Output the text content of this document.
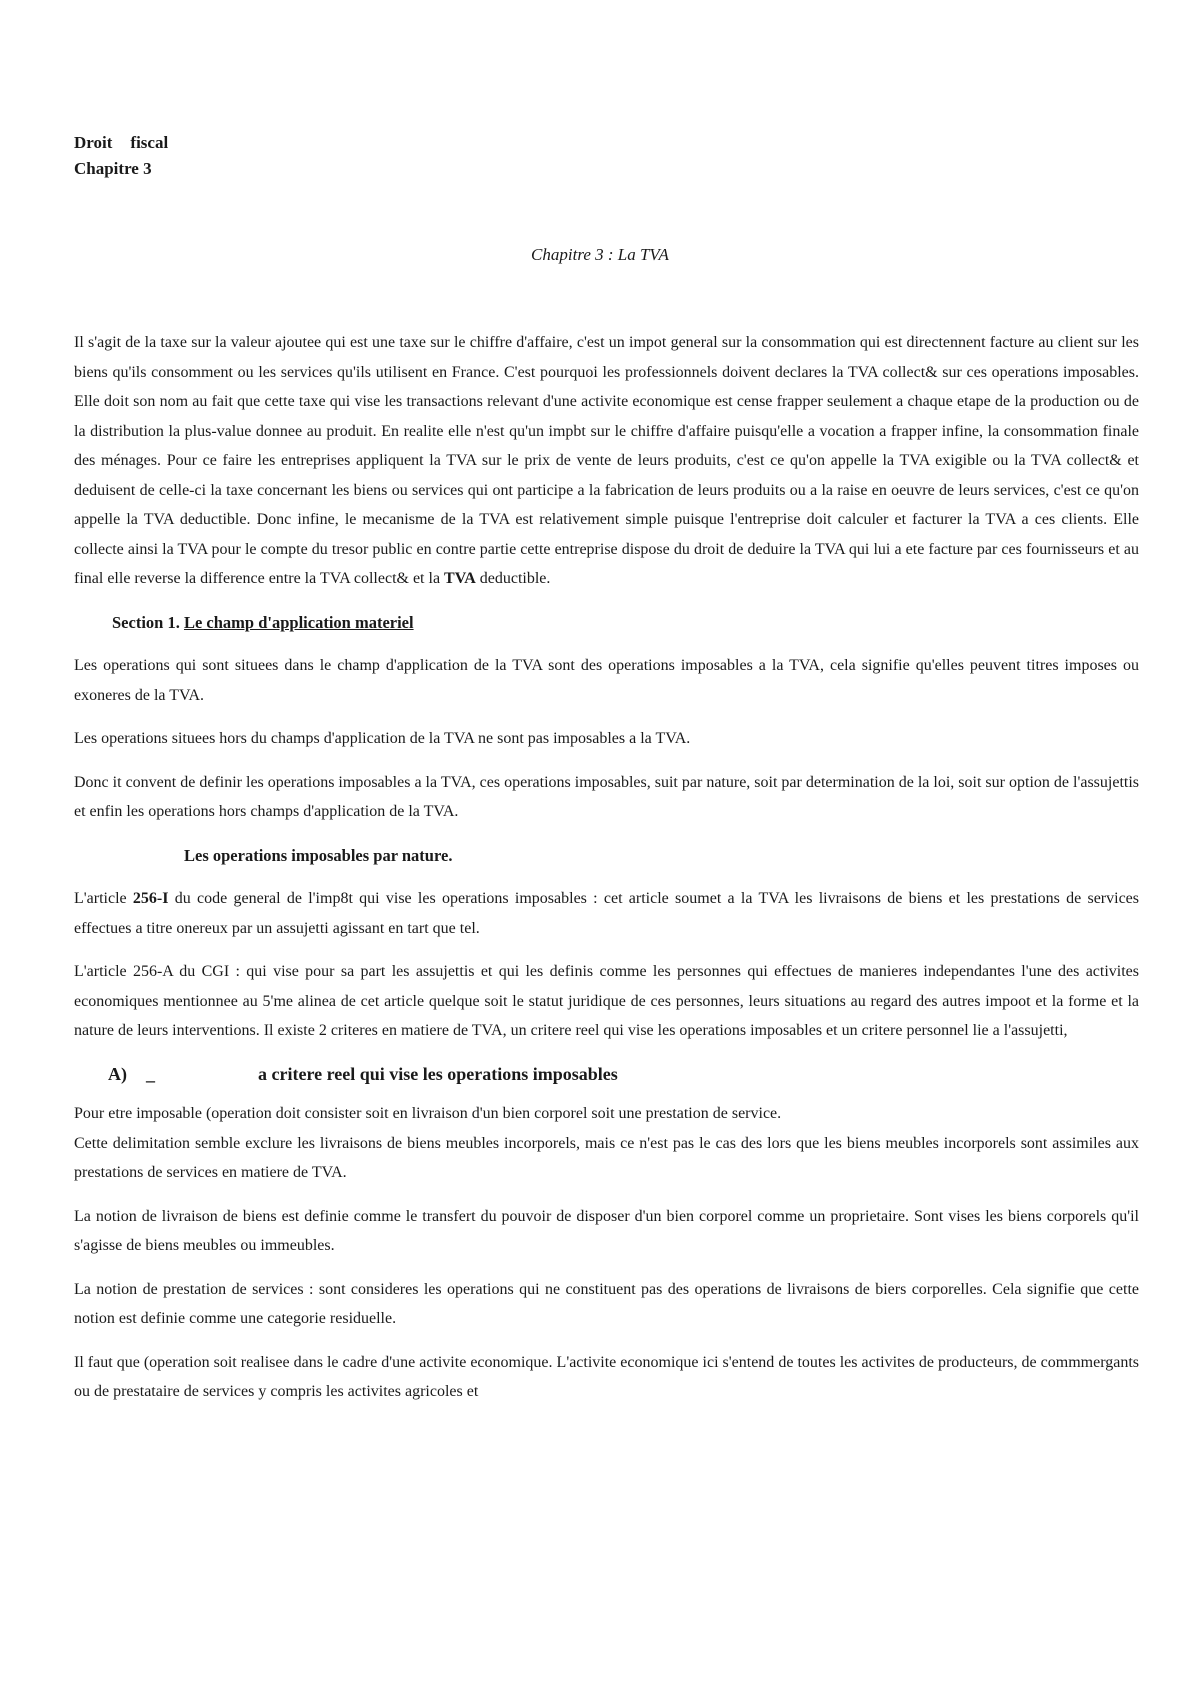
Droit fiscal
Chapitre 3
Chapitre 3 : La TVA

Il s'agit de la taxe sur la valeur ajoutee qui est une taxe sur le chiffre d'affaire, c'est un impot general sur la consommation qui est directennent facture au client sur les biens qu'ils consomment ou les services qu'ils utilisent en France. C'est pourquoi les professionnels doivent declares la TVA collect& sur ces operations imposables. Elle doit son nom au fait que cette taxe qui vise les transactions relevant d'une activite economique est cense frapper seulement a chaque etape de la production ou de la distribution la plus-value donnee au produit. En realite elle n'est qu'un impbt sur le chiffre d'affaire puisqu'elle a vocation a frapper infine, la consommation finale des ménages. Pour ce faire les entreprises appliquent la TVA sur le prix de vente de leurs produits, c'est ce qu'on appelle la TVA exigible ou la TVA collect& et deduisent de celle-ci la taxe concernant les biens ou services qui ont participe a la fabrication de leurs produits ou a la raise en oeuvre de leurs services, c'est ce qu'on appelle la TVA deductible. Donc infine, le mecanisme de la TVA est relativement simple puisque l'entreprise doit calculer et facturer la TVA a ces clients. Elle collecte ainsi la TVA pour le compte du tresor public en contre partie cette entreprise dispose du droit de deduire la TVA qui lui a ete facture par ces fournisseurs et au final elle reverse la difference entre la TVA collect& et la TVA deductible.

Section 1. Le champ d'application materiel

Les operations qui sont situees dans le champ d'application de la TVA sont des operations imposables a la TVA, cela signifie qu'elles peuvent titres imposes ou exoneres de la TVA.

Les operations situees hors du champs d'application de la TVA ne sont pas imposables a la TVA.

Donc it convent de definir les operations imposables a la TVA, ces operations imposables, suit par nature, soit par determination de la loi, soit sur option de l'assujettis et enfin les operations hors champs d'application de la TVA.

Les operations imposables par nature.

L'article 256-I du code general de l'imp8t qui vise les operations imposables : cet article soumet a la TVA les livraisons de biens et les prestations de services effectues a titre onereux par un assujetti agissant en tart que tel.

L'article 256-A du CGI : qui vise pour sa part les assujettis et qui les definis comme les personnes qui effectues de manieres independantes l'une des activites economiques mentionnee au 5'me alinea de cet article quelque soit le statut juridique de ces personnes, leurs situations au regard des autres impoot et la forme et la nature de leurs interventions. Il existe 2 criteres en matiere de TVA, un critere reel qui vise les operations imposables et un critere personnel lie a l'assujetti,

A) _	a critere reel qui vise les operations imposables

Pour etre imposable (operation doit consister soit en livraison d'un bien corporel soit une prestation de service.

Cette delimitation semble exclure les livraisons de biens meubles incorporels, mais ce n'est pas le cas des lors que les biens meubles incorporels sont assimiles aux prestations de services en matiere de TVA.

La notion de livraison de biens est definie comme le transfert du pouvoir de disposer d'un bien corporel comme un proprietaire. Sont vises les biens corporels qu'il s'agisse de biens meubles ou immeubles.

La notion de prestation de services : sont consideres les operations qui ne constituent pas des operations de livraisons de biers corporelles. Cela signifie que cette notion est definie comme une categorie residuelle.

Il faut que (operation soit realisee dans le cadre d'une activite economique. L'activite economique ici s'entend de toutes les activites de producteurs, de commmergants ou de prestataire de services y compris les activites agricoles et
